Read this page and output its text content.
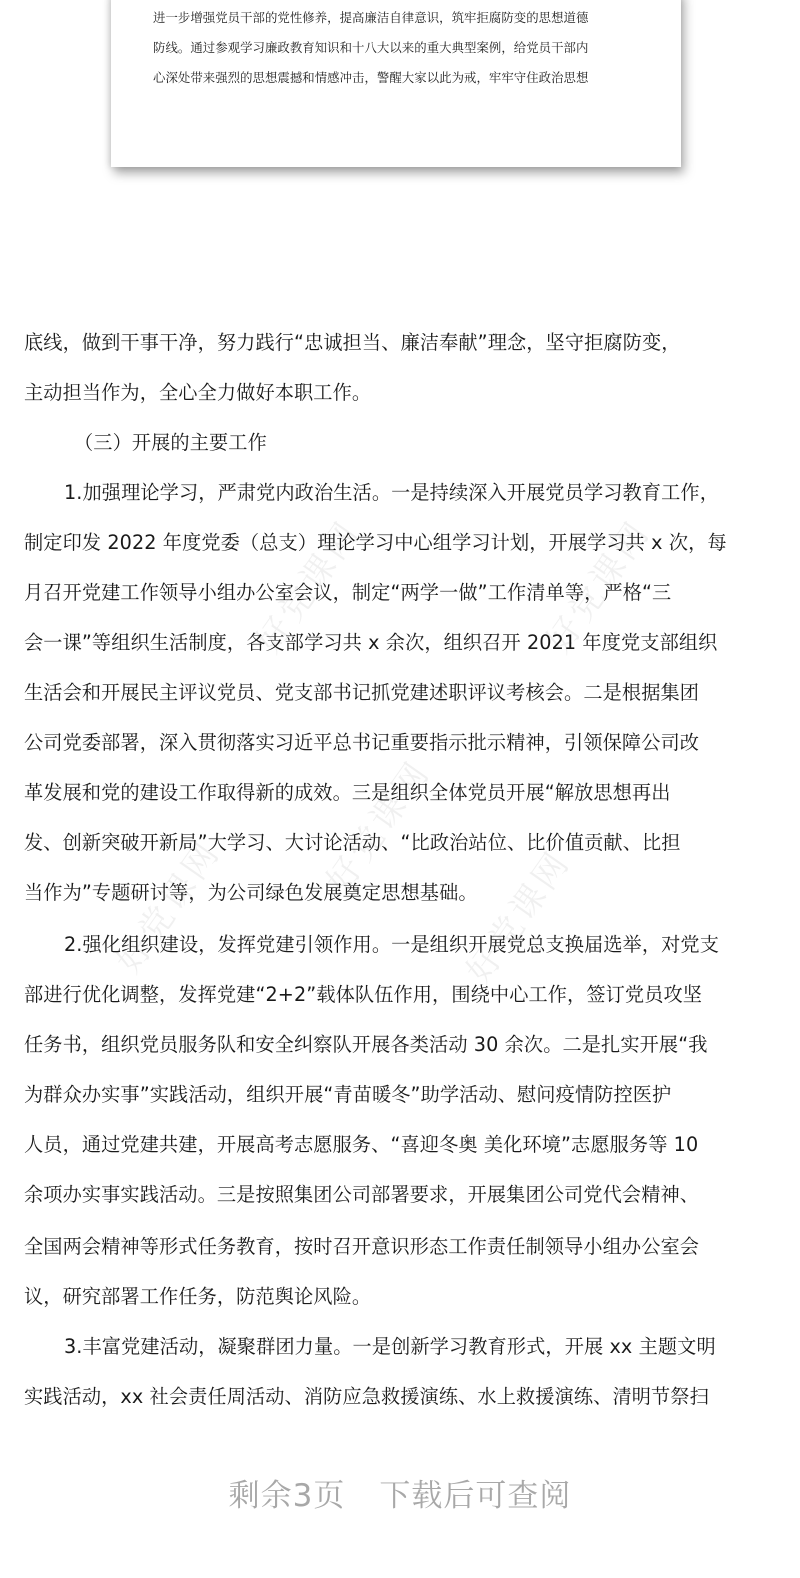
进一步增强党员干部的党性修养，提高廉洁自律意识，筑牢拒腐防变的思想道德
防线。通过参观学习廉政教育知识和十八大以来的重大典型案例，给党员干部内
心深处带来强烈的思想震撼和情感冲击，警醒大家以此为戒，牢牢守住政治思想
好党课网	好党课网
好党课网
好党课网
好党课网
底线，做到干事干净，努力践行“忠诚担当、廉洁奉献”理念，坚守拒腐防变，
主动担当作为，全心全力做好本职工作。
（三）开展的主要工作
1.加强理论学习，严肃党内政治生活。一是持续深入开展党员学习教育工作，
制定印发 2022 年度党委（总支）理论学习中心组学习计划，开展学习共 x 次，每
月召开党建工作领导小组办公室会议，制定“两学一做”工作清单等，严格“三
会一课”等组织生活制度，各支部学习共 x 余次，组织召开 2021 年度党支部组织
生活会和开展民主评议党员、党支部书记抓党建述职评议考核会。二是根据集团
公司党委部署，深入贯彻落实习近平总书记重要指示批示精神，引领保障公司改
革发展和党的建设工作取得新的成效。三是组织全体党员开展“解放思想再出
发、创新突破开新局”大学习、大讨论活动、“比政治站位、比价值贡献、比担
当作为”专题研讨等，为公司绿色发展奠定思想基础。
2.强化组织建设，发挥党建引领作用。一是组织开展党总支换届选举，对党支
部进行优化调整，发挥党建“2+2”载体队伍作用，围绕中心工作，签订党员攻坚
任务书，组织党员服务队和安全纠察队开展各类活动 30 余次。二是扎实开展“我
为群众办实事”实践活动，组织开展“青苗暖冬”助学活动、慰问疫情防控医护
人员，通过党建共建，开展高考志愿服务、“喜迎冬奥 美化环境”志愿服务等 10
余项办实事实践活动。三是按照集团公司部署要求，开展集团公司党代会精神、
全国两会精神等形式任务教育，按时召开意识形态工作责任制领导小组办公室会
议，研究部署工作任务，防范舆论风险。
3.丰富党建活动，凝聚群团力量。一是创新学习教育形式，开展 xx 主题文明
实践活动，xx 社会责任周活动、消防应急救援演练、水上救援演练、清明节祭扫
剩余3页 下载后可查阅
